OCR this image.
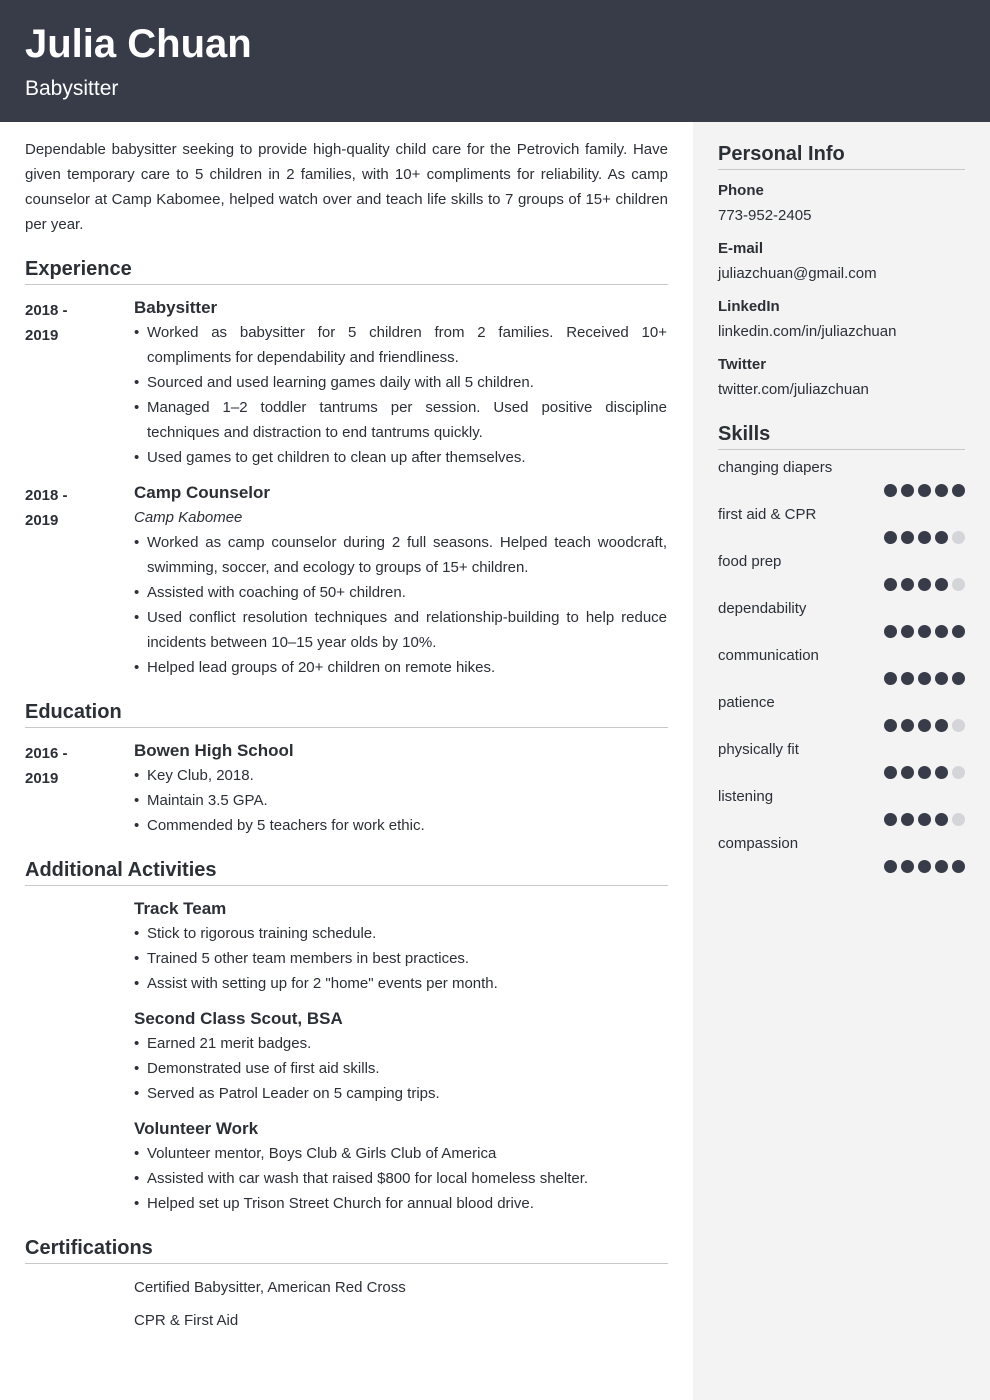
Julia Chuan
Babysitter
Personal Info
Phone
773-952-2405
E-mail
juliazchuan@gmail.com
LinkedIn
linkedin.com/in/juliazchuan
Twitter
twitter.com/juliazchuan
Skills
changing diapers
first aid & CPR
food prep
dependability
communication
patience
physically fit
listening
compassion

Dependable babysitter seeking to provide high-quality child care for the Petrovich family. Have given temporary care to 5 children in 2 families, with 10+ compliments for reliability. As camp counselor at Camp Kabomee, helped watch over and teach life skills to 7 groups of 15+ children per year.

Experience
2018 -
2019
Babysitter
• Worked as babysitter for 5 children from 2 families. Received 10+ compliments for dependability and friendliness.
• Sourced and used learning games daily with all 5 children.
• Managed 1–2 toddler tantrums per session. Used positive discipline techniques and distraction to end tantrums quickly.
• Used games to get children to clean up after themselves.
2018 -
2019
Camp Counselor
Camp Kabomee
• Worked as camp counselor during 2 full seasons. Helped teach woodcraft, swimming, soccer, and ecology to groups of 15+ children.
• Assisted with coaching of 50+ children.
• Used conflict resolution techniques and relationship-building to help reduce incidents between 10–15 year olds by 10%.
• Helped lead groups of 20+ children on remote hikes.
Education
2016 -
2019
Bowen High School
• Key Club, 2018.
• Maintain 3.5 GPA.
• Commended by 5 teachers for work ethic.
Additional Activities
Track Team
• Stick to rigorous training schedule.
• Trained 5 other team members in best practices.
• Assist with setting up for 2 "home" events per month.
Second Class Scout, BSA
• Earned 21 merit badges.
• Demonstrated use of first aid skills.
• Served as Patrol Leader on 5 camping trips.
Volunteer Work
• Volunteer mentor, Boys Club & Girls Club of America
• Assisted with car wash that raised $800 for local homeless shelter.
• Helped set up Trison Street Church for annual blood drive.
Certifications
Certified Babysitter, American Red Cross
CPR & First Aid
